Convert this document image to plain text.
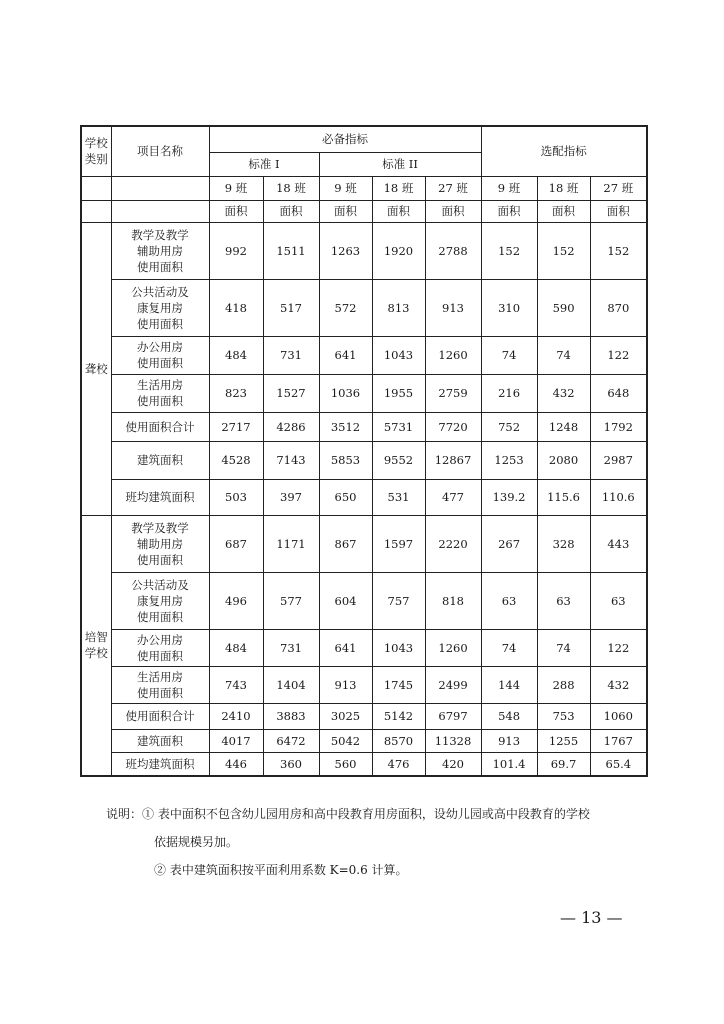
学校类别	项目名称	必备指标					选配指标		
		标准 I		标准 II					
		9 班	18 班	9 班	18 班	27 班	9 班	18 班	27 班
		面积	面积	面积	面积	面积	面积	面积	面积
聋校	教学及教学
辅助用房
使用面积	992	1511	1263	1920	2788	152	152	152
	公共活动及
康复用房
使用面积	418	517	572	813	913	310	590	870
	办公用房
使用面积	484	731	641	1043	1260	74	74	122
	生活用房
使用面积	823	1527	1036	1955	2759	216	432	648
	使用面积合计	2717	4286	3512	5731	7720	752	1248	1792
	建筑面积	4528	7143	5853	9552	12867	1253	2080	2987
	班均建筑面积	503	397	650	531	477	139.2	115.6	110.6
培智
学校	教学及教学
辅助用房
使用面积	687	1171	867	1597	2220	267	328	443
	公共活动及
康复用房
使用面积	496	577	604	757	818	63	63	63
	办公用房
使用面积	484	731	641	1043	1260	74	74	122
	生活用房
使用面积	743	1404	913	1745	2499	144	288	432
	使用面积合计	2410	3883	3025	5142	6797	548	753	1060
	建筑面积	4017	6472	5042	8570	11328	913	1255	1767
	班均建筑面积	446	360	560	476	420	101.4	69.7	65.4
说明：① 表中面积不包含幼儿园用房和高中段教育用房面积，设幼儿园或高中段教育的学校
依据规模另加。
② 表中建筑面积按平面利用系数 K=0.6 计算。
— 13 —
